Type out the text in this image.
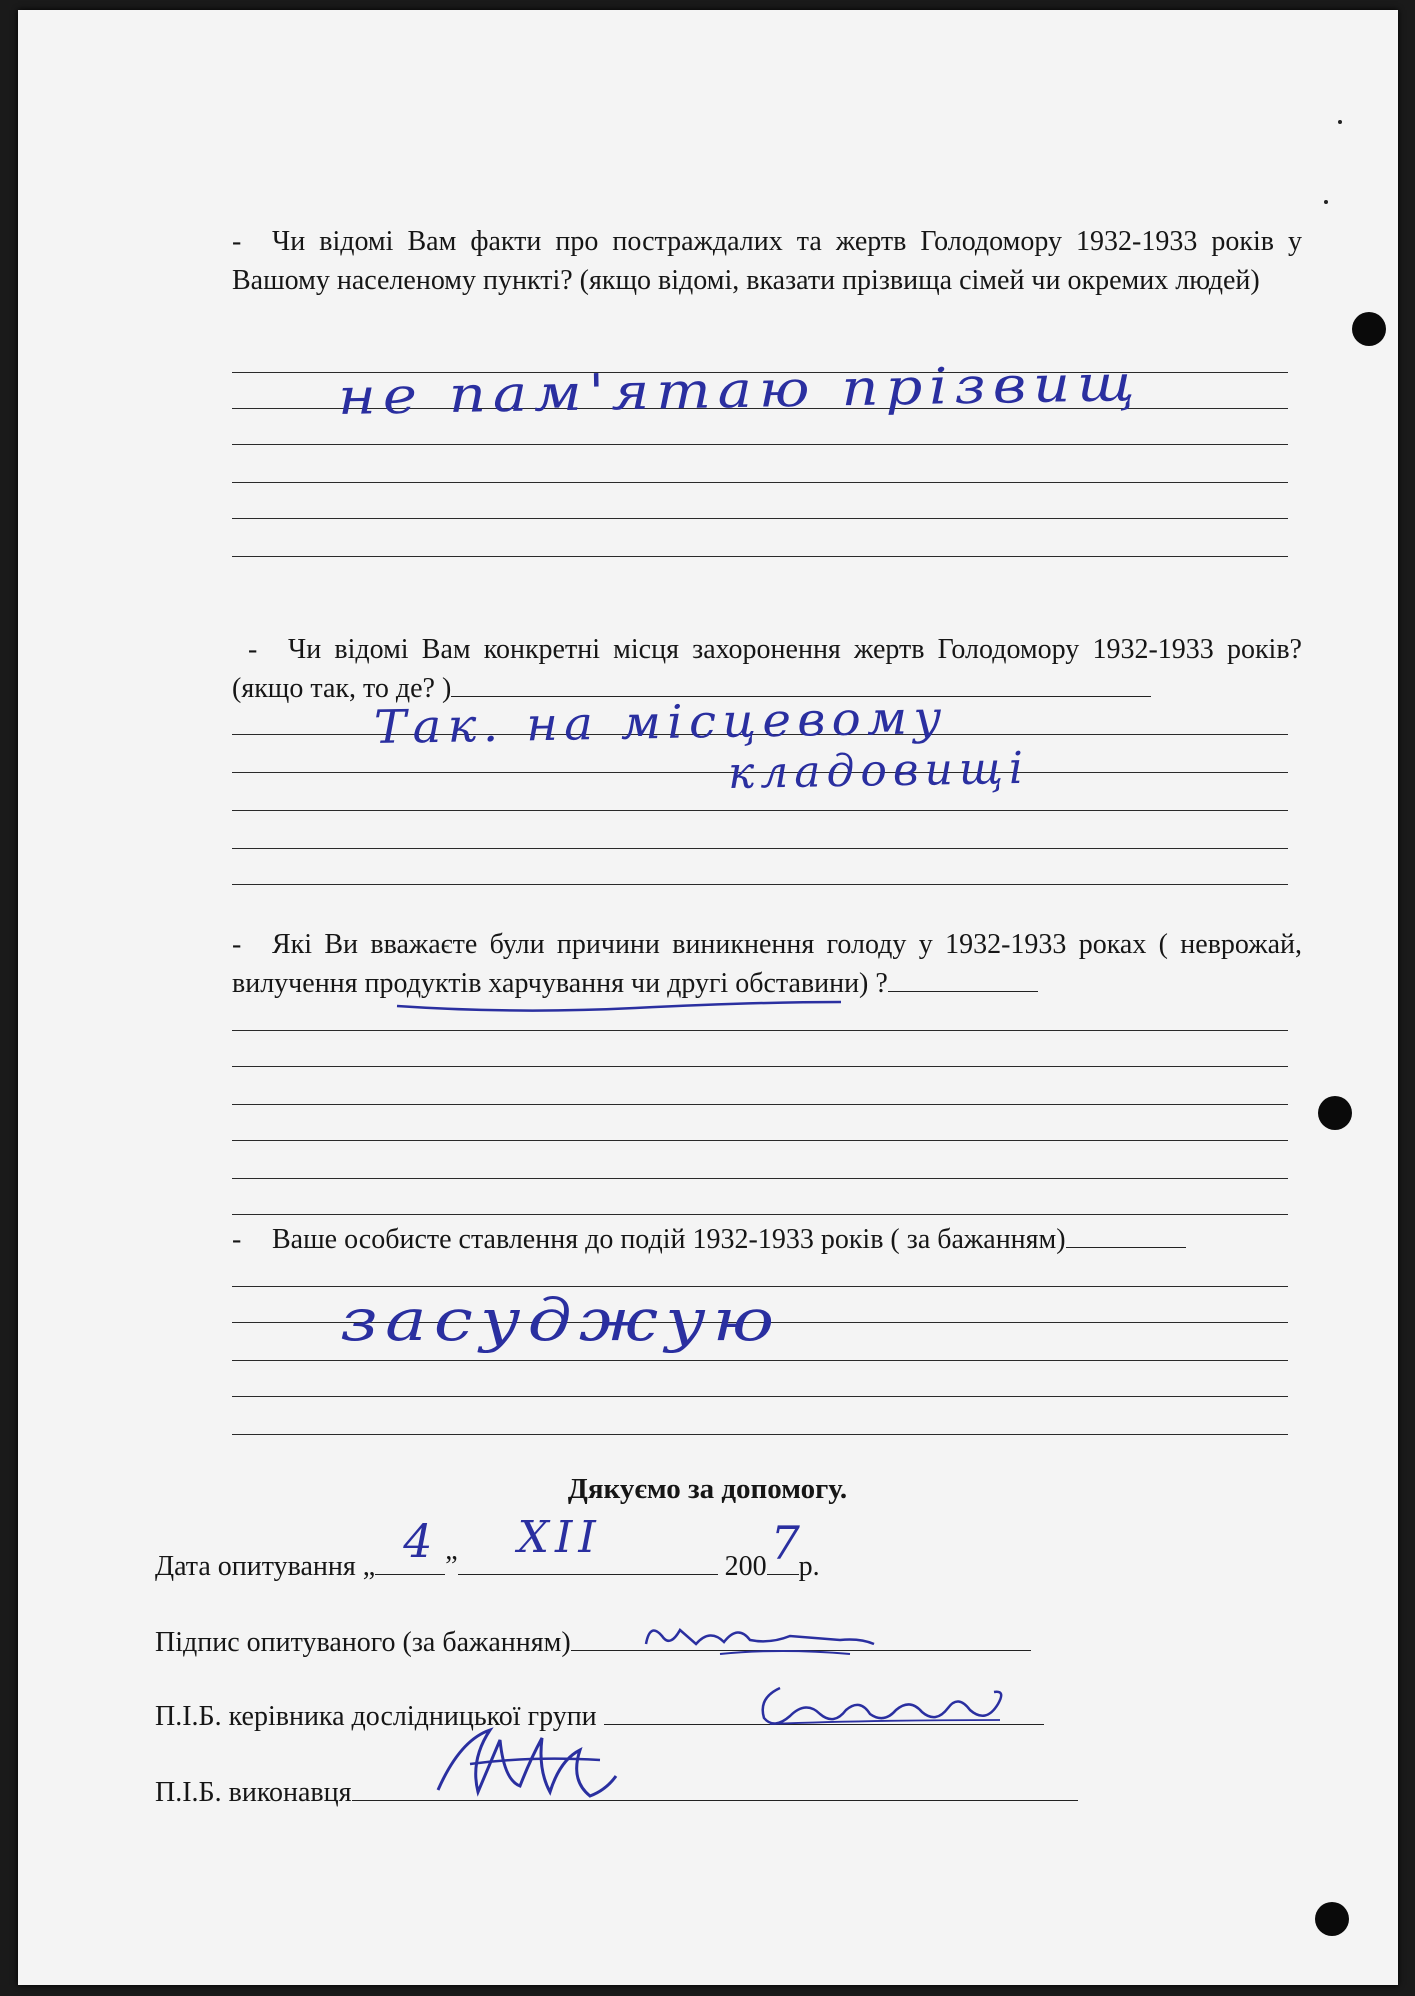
- Чи відомі Вам факти про постраждалих та жертв Голодомору 1932-1933 років у Вашому населеному пункті? (якщо відомі, вказати прізвища сімей чи окремих людей)
не пам'ятаю прізвищ
- Чи відомі Вам конкретні місця захоронення жертв Голодомору 1932-1933 років? (якщо так, то де? )
Так. на місцевому
кладовищі
- Які Ви вважаєте були причини виникнення голоду у 1932-1933 роках ( неврожай, вилучення продуктів харчування чи другі обставини) ?
- Ваше особисте ставлення до подій 1932-1933 років ( за бажанням)
засуджую
Дякуємо за допомогу.
Дата опитування „ 4 ”
XII
200 7
р.
Підпис опитуваного (за бажанням)
П.І.Б. керівника дослідницької групи
П.І.Б. виконавця
